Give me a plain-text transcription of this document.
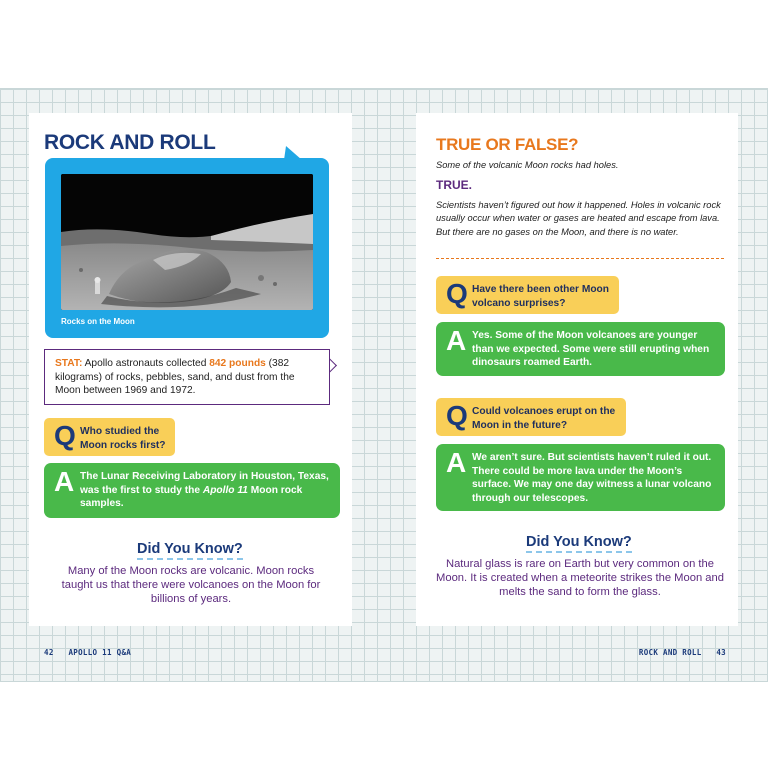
ROCK AND ROLL
Rocks on the Moon
STAT: Apollo astronauts collected 842 pounds (382 kilograms) of rocks, pebbles, sand, and dust from the Moon between 1969 and 1972.
Q Who studied the
Moon rocks first?
A The Lunar Receiving Laboratory in Houston, Texas, was the first to study the Apollo 11 Moon rock samples.
Did You Know?
Many of the Moon rocks are volcanic. Moon rocks taught us that there were volcanoes on the Moon for billions of years.
TRUE OR FALSE?
Some of the volcanic Moon rocks had holes.
TRUE.
Scientists haven’t figured out how it happened. Holes in volcanic rock usually occur when water or gases are heated and escape from lava. But there are no gases on the Moon, and there is no water.
Q Have there been other Moon
volcano surprises?
A Yes. Some of the Moon volcanoes are younger than we expected. Some were still erupting when dinosaurs roamed Earth.
Q Could volcanoes erupt on the
Moon in the future?
A We aren’t sure. But scientists haven’t ruled it out. There could be more lava under the Moon’s surface. We may one day witness a lunar volcano through our telescopes.
Did You Know?
Natural glass is rare on Earth but very common on the Moon. It is created when a meteorite strikes the Moon and melts the sand to form the glass.
42 APOLLO 11 Q&A	ROCK AND ROLL 43
